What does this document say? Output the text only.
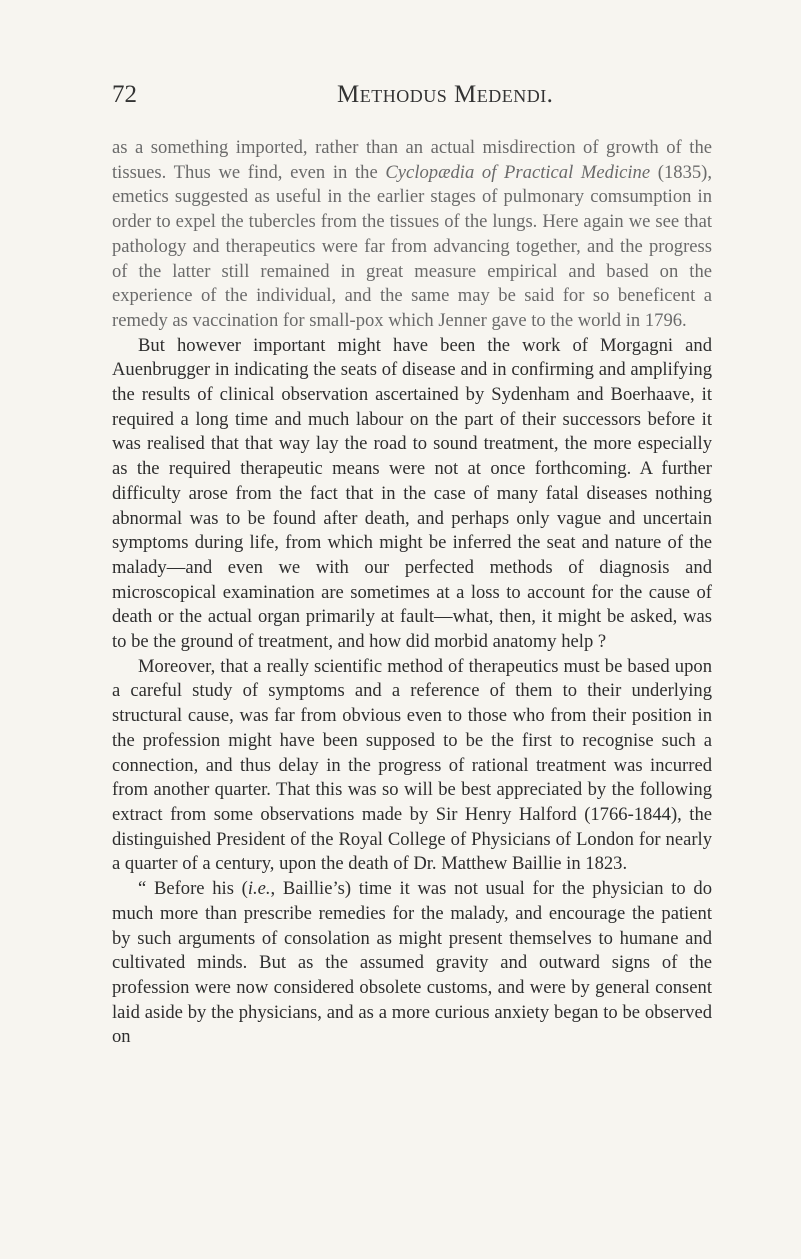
72	Methodus Medendi.

as a something imported, rather than an actual misdirection of growth of the tissues. Thus we find, even in the Cyclopædia of Practical Medicine (1835), emetics suggested as useful in the earlier stages of pulmonary comsumption in order to expel the tubercles from the tissues of the lungs. Here again we see that pathology and therapeutics were far from advancing together, and the progress of the latter still remained in great measure empirical and based on the experience of the individual, and the same may be said for so beneficent a remedy as vaccination for small-pox which Jenner gave to the world in 1796.

But however important might have been the work of Morgagni and Auenbrugger in indicating the seats of disease and in confirming and amplifying the results of clinical observation ascertained by Sydenham and Boerhaave, it required a long time and much labour on the part of their successors before it was realised that that way lay the road to sound treatment, the more especially as the required therapeutic means were not at once forthcoming. A further difficulty arose from the fact that in the case of many fatal diseases nothing abnormal was to be found after death, and perhaps only vague and uncertain symptoms during life, from which might be inferred the seat and nature of the malady—and even we with our perfected methods of diagnosis and microscopical examination are sometimes at a loss to account for the cause of death or the actual organ primarily at fault—what, then, it might be asked, was to be the ground of treatment, and how did morbid anatomy help ?

Moreover, that a really scientific method of therapeutics must be based upon a careful study of symptoms and a reference of them to their underlying structural cause, was far from obvious even to those who from their position in the profession might have been supposed to be the first to recognise such a connection, and thus delay in the progress of rational treatment was incurred from another quarter. That this was so will be best appreciated by the following extract from some observations made by Sir Henry Halford (1766-1844), the distinguished President of the Royal College of Physicians of London for nearly a quarter of a century, upon the death of Dr. Matthew Baillie in 1823.

“ Before his (i.e., Baillie’s) time it was not usual for the physician to do much more than prescribe remedies for the malady, and encourage the patient by such arguments of consolation as might present themselves to humane and cultivated minds. But as the assumed gravity and outward signs of the profession were now considered obsolete customs, and were by general consent laid aside by the physicians, and as a more curious anxiety began to be observed on
